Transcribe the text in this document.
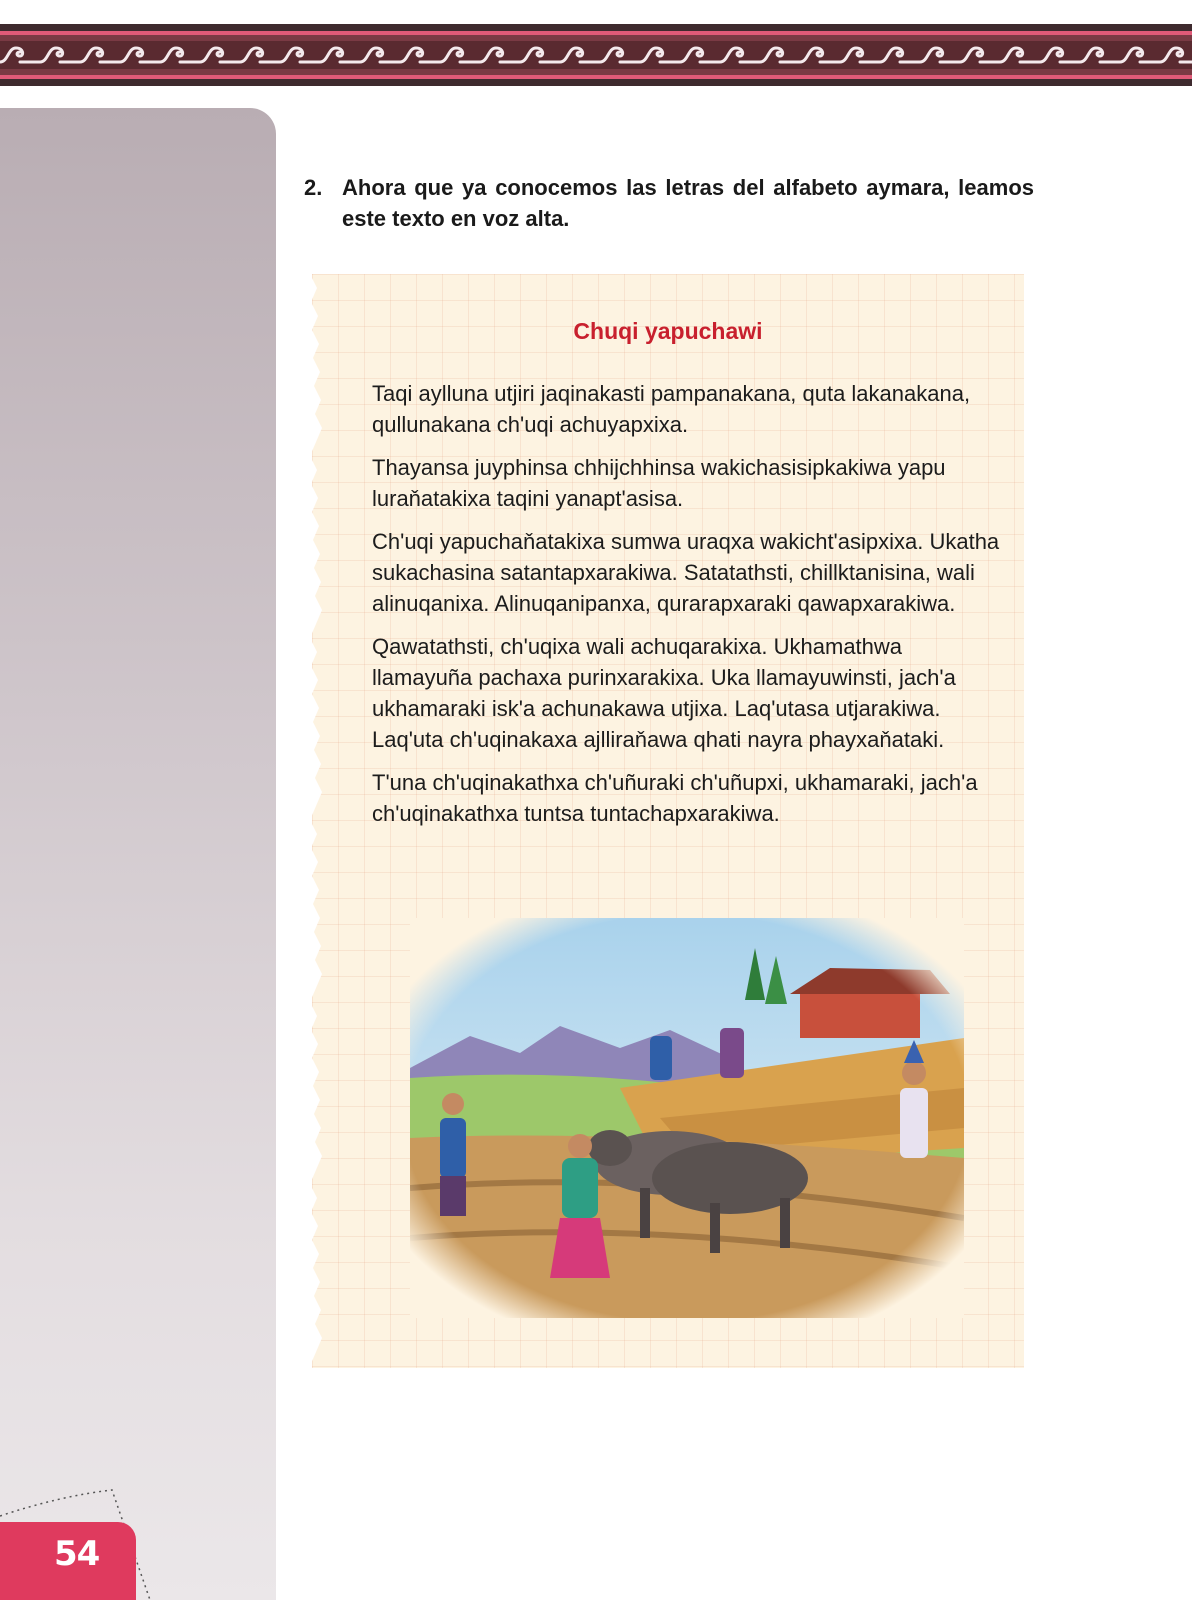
54
2. Ahora que ya conocemos las letras del alfabeto aymara, leamos este texto en voz alta.
Chuqi yapuchawi

Taqi aylluna utjiri jaqinakasti pampanakana, quta lakanakana, qullunakana ch'uqi achuyapxixa.

Thayansa juyphinsa chhijchhinsa wakichasisipkakiwa yapu luraňatakixa taqini yanapt'asisa.

Ch'uqi yapuchaňatakixa sumwa uraqxa wakicht'asipxixa. Ukatha sukachasina satantapxarakiwa. Satatathsti, chillktanisina, wali alinuqanixa. Alinuqanipanxa, qurarapxaraki qawapxarakiwa.

Qawatathsti, ch'uqixa wali achuqarakixa. Ukhamathwa llamayuña pachaxa purinxarakixa. Uka llamayuwinsti, jach'a ukhamaraki isk'a achunakawa utjixa. Laq'utasa utjarakiwa. Laq'uta ch'uqinakaxa ajlliraňawa qhati nayra phayxaňataki.

T'una ch'uqinakathxa ch'uñuraki ch'uñupxi, ukhamaraki, jach'a ch'uqinakathxa tuntsa tuntachapxarakiwa.
